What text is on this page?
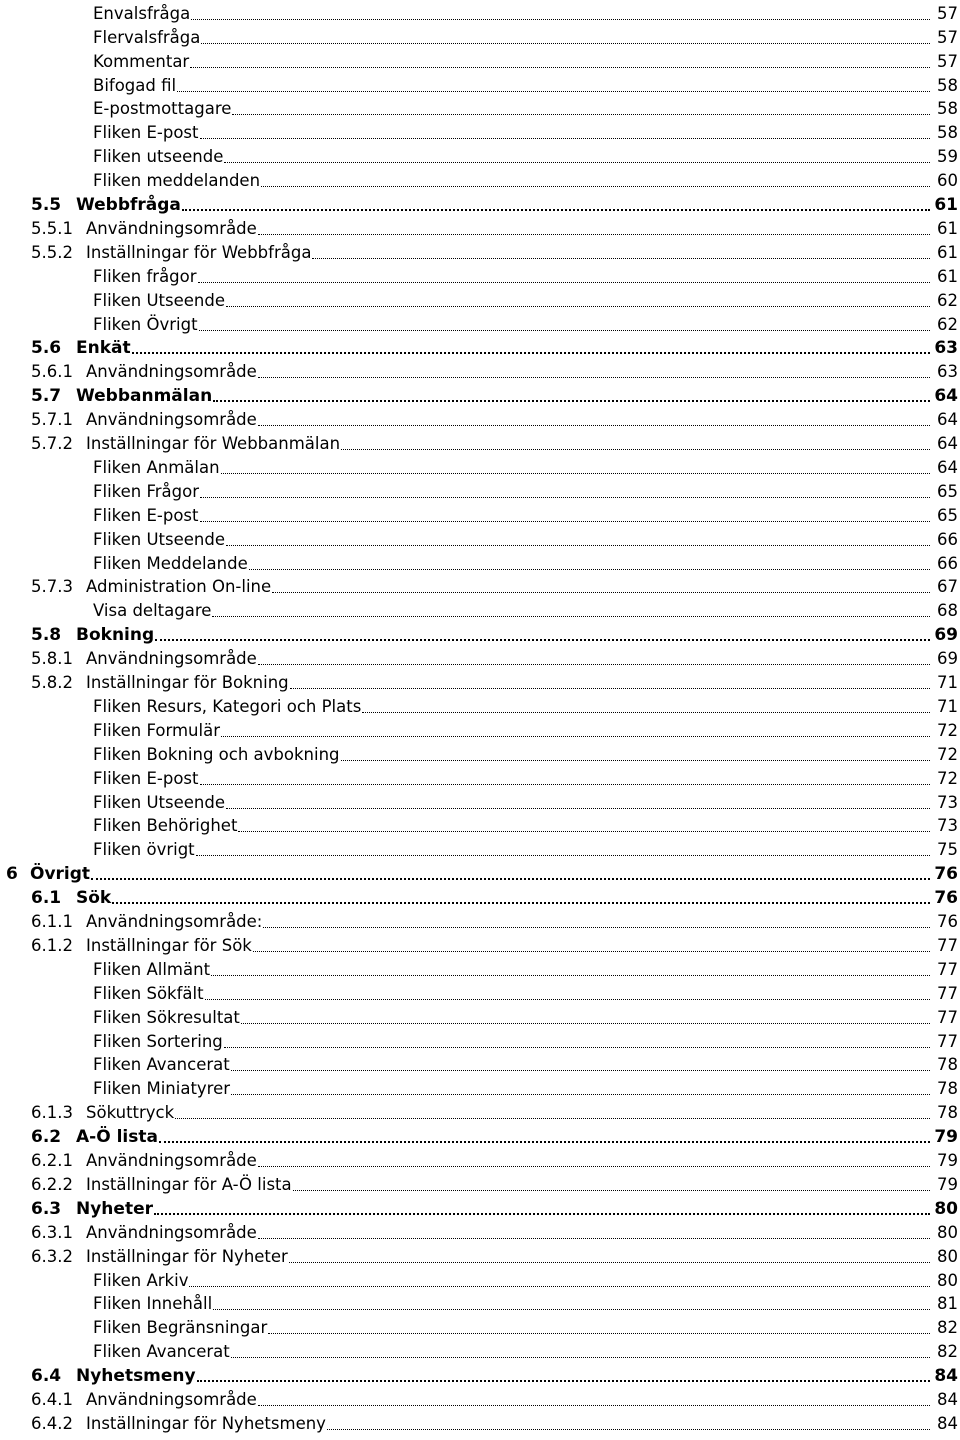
Envalsfråga	57
Flervalsfråga	57
Kommentar	57
Bifogad fil	58
E-postmottagare	58
Fliken E-post	58
Fliken utseende	59
Fliken meddelanden	60
5.5 Webbfråga	61
5.5.1 Användningsområde	61
5.5.2 Inställningar för Webbfråga	61
Fliken frågor	61
Fliken Utseende	62
Fliken Övrigt	62
5.6 Enkät	63
5.6.1 Användningsområde	63
5.7 Webbanmälan	64
5.7.1 Användningsområde	64
5.7.2 Inställningar för Webbanmälan	64
Fliken Anmälan	64
Fliken Frågor	65
Fliken E-post	65
Fliken Utseende	66
Fliken Meddelande	66
5.7.3 Administration On-line	67
Visa deltagare	68
5.8 Bokning	69
5.8.1 Användningsområde	69
5.8.2 Inställningar för Bokning	71
Fliken Resurs, Kategori och Plats	71
Fliken Formulär	72
Fliken Bokning och avbokning	72
Fliken E-post	72
Fliken Utseende	73
Fliken Behörighet	73
Fliken övrigt	75
6 Övrigt	76
6.1 Sök	76
6.1.1 Användningsområde:	76
6.1.2 Inställningar för Sök	77
Fliken Allmänt	77
Fliken Sökfält	77
Fliken Sökresultat	77
Fliken Sortering	77
Fliken Avancerat	78
Fliken Miniatyrer	78
6.1.3 Sökuttryck	78
6.2 A-Ö lista	79
6.2.1 Användningsområde	79
6.2.2 Inställningar för A-Ö lista	79
6.3 Nyheter	80
6.3.1 Användningsområde	80
6.3.2 Inställningar för Nyheter	80
Fliken Arkiv	80
Fliken Innehåll	81
Fliken Begränsningar	82
Fliken Avancerat	82
6.4 Nyhetsmeny	84
6.4.1 Användningsområde	84
6.4.2 Inställningar för Nyhetsmeny	84
